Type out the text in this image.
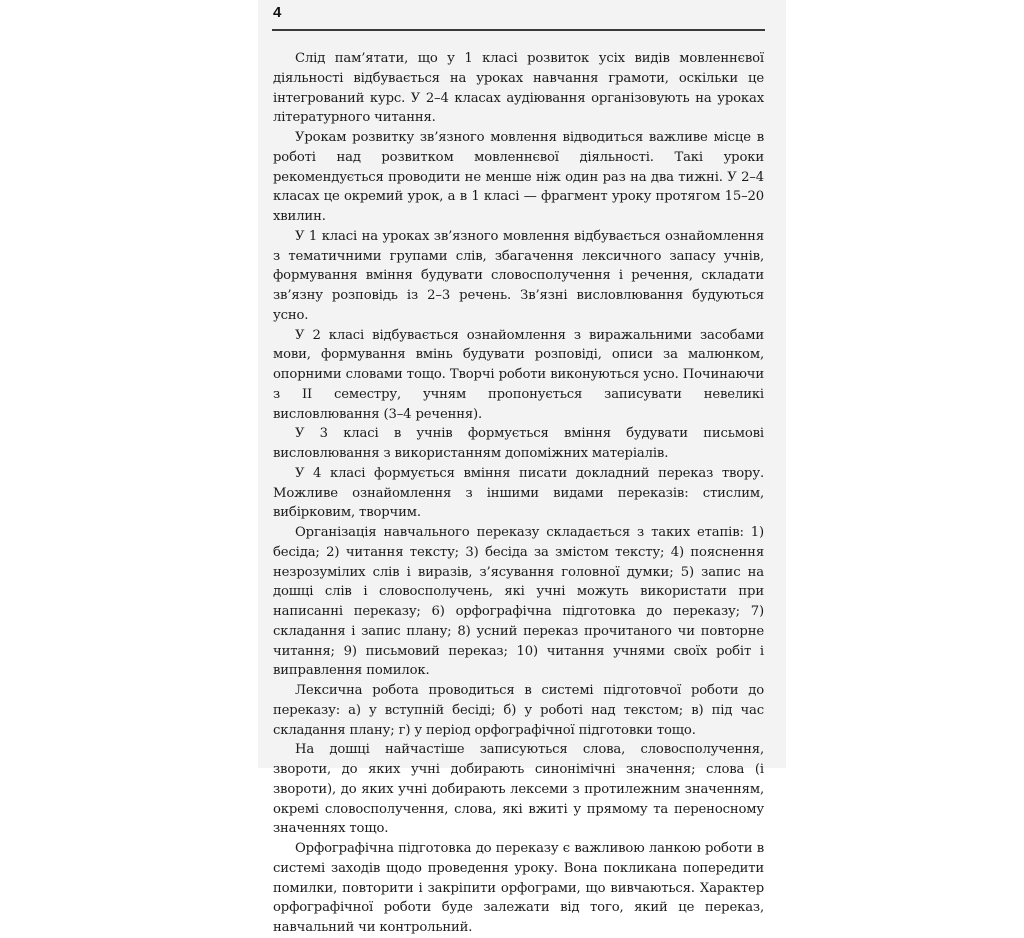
4

Слід пам’ятати, що у 1 класі розвиток усіх видів мовленнєвої діяльності відбувається на уроках навчання грамоти, оскільки це інтегрований курс. У 2–4 класах аудіювання організовують на уроках літературного читання.

Урокам розвитку зв’язного мовлення відводиться важливе місце в роботі над розвитком мовленнєвої діяльності. Такі уроки рекомендується проводити не менше ніж один раз на два тижні. У 2–4 класах це окремий урок, а в 1 класі — фрагмент уроку протягом 15–20 хвилин.

У 1 класі на уроках зв’язного мовлення відбувається ознайомлення з тематичними групами слів, збагачення лексичного запасу учнів, формування вміння будувати словосполучення і речення, складати зв’язну розповідь із 2–3 речень. Зв’язні висловлювання будуються усно.

У 2 класі відбувається ознайомлення з виражальними засобами мови, формування вмінь будувати розповіді, описи за малюнком, опорними словами тощо. Творчі роботи виконуються усно. Починаючи з II семестру, учням пропонується записувати невеликі висловлювання (3–4 речення).

У 3 класі в учнів формується вміння будувати письмові висловлювання з використанням допоміжних матеріалів.

У 4 класі формується вміння писати докладний переказ твору. Можливе ознайомлення з іншими видами переказів: стислим, вибірковим, творчим.

Організація навчального переказу складається з таких етапів: 1) бесіда; 2) читання тексту; 3) бесіда за змістом тексту; 4) пояснення незрозумілих слів і виразів, з’ясування головної думки; 5) запис на дошці слів і словосполучень, які учні можуть використати при написанні переказу; 6) орфографічна підготовка до переказу; 7) складання і запис плану; 8) усний переказ прочитаного чи повторне читання; 9) письмовий переказ; 10) читання учнями своїх робіт і виправлення помилок.

Лексична робота проводиться в системі підготовчої роботи до переказу: а) у вступній бесіді; б) у роботі над текстом; в) під час складання плану; г) у період орфографічної підготовки тощо.

На дошці найчастіше записуються слова, словосполучення, звороти, до яких учні добирають синонімічні значення; слова (і звороти), до яких учні добирають лексеми з протилежним значенням, окремі словосполучення, слова, які вжиті у прямому та переносному значеннях тощо.

Орфографічна підготовка до переказу є важливою ланкою роботи в системі заходів щодо проведення уроку. Вона покликана попередити помилки, повторити і закріпити орфограми, що вивчаються. Характер орфографічної роботи буде залежати від того, який це переказ, навчальний чи контрольний.
